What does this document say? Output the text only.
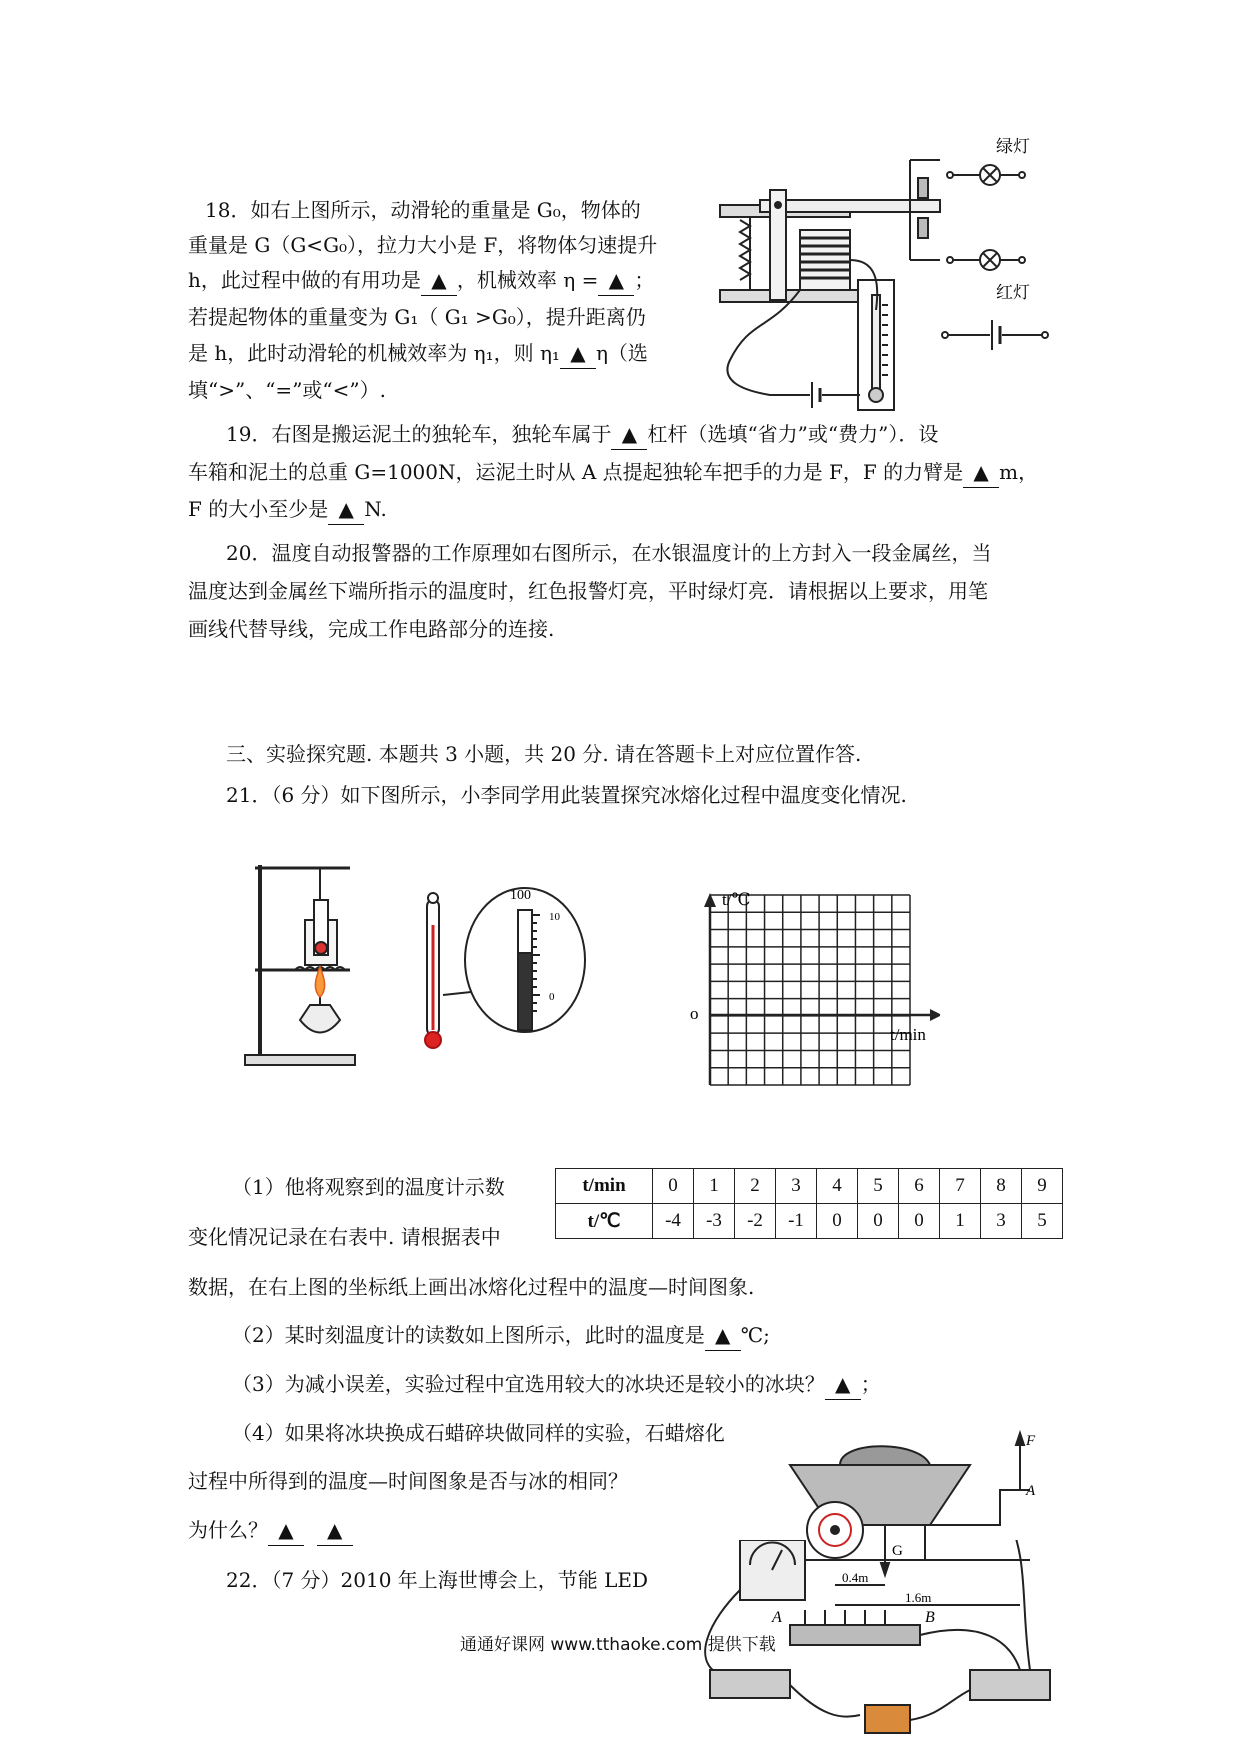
18．如右上图所示，动滑轮的重量是 G₀，物体的
重量是 G（G<G₀），拉力大小是 F，将物体匀速提升
h，此过程中做的有用功是 ▲ ，机械效率 η = ▲ ；
若提起物体的重量变为 G₁（ G₁ >G₀），提升距离仍
是 h，此时动滑轮的机械效率为 η₁，则 η₁ ▲ η（选
填“>”、“=”或“<”）.
19．右图是搬运泥土的独轮车，独轮车属于 ▲ 杠杆（选填“省力”或“费力”）．设
车箱和泥土的总重 G=1000N，运泥土时从 A 点提起独轮车把手的力是 F，F 的力臂是 ▲ m，
F 的大小至少是 ▲ N.
20．温度自动报警器的工作原理如右图所示，在水银温度计的上方封入一段金属丝，当
温度达到金属丝下端所指示的温度时，红色报警灯亮，平时绿灯亮．请根据以上要求，用笔
画线代替导线，完成工作电路部分的连接.
三、实验探究题. 本题共 3 小题，共 20 分. 请在答题卡上对应位置作答.
21．（6 分）如下图所示，小李同学用此装置探究冰熔化过程中温度变化情况.
（1）他将观察到的温度计示数
变化情况记录在右表中. 请根据表中
数据，在右上图的坐标纸上画出冰熔化过程中的温度—时间图象.
（2）某时刻温度计的读数如上图所示，此时的温度是 ▲ ℃;
（3）为减小误差，实验过程中宜选用较大的冰块还是较小的冰块？ ▲ ；
（4）如果将冰块换成石蜡碎块做同样的实验，石蜡熔化
过程中所得到的温度—时间图象是否与冰的相同？
为什么？ ▲ ▲
22．（7 分）2010 年上海世博会上，节能 LED
t/min	0	1	2	3	4	5	6	7	8	9
t/℃	-4	-3	-2	-1	0	0	0	1	3	5
绿灯
红灯
100
10
0
t/℃
t/min
o
F
A
G
0.4m
1.6m
A	B
通通好课网 www.tthaoke.com 提供下载
